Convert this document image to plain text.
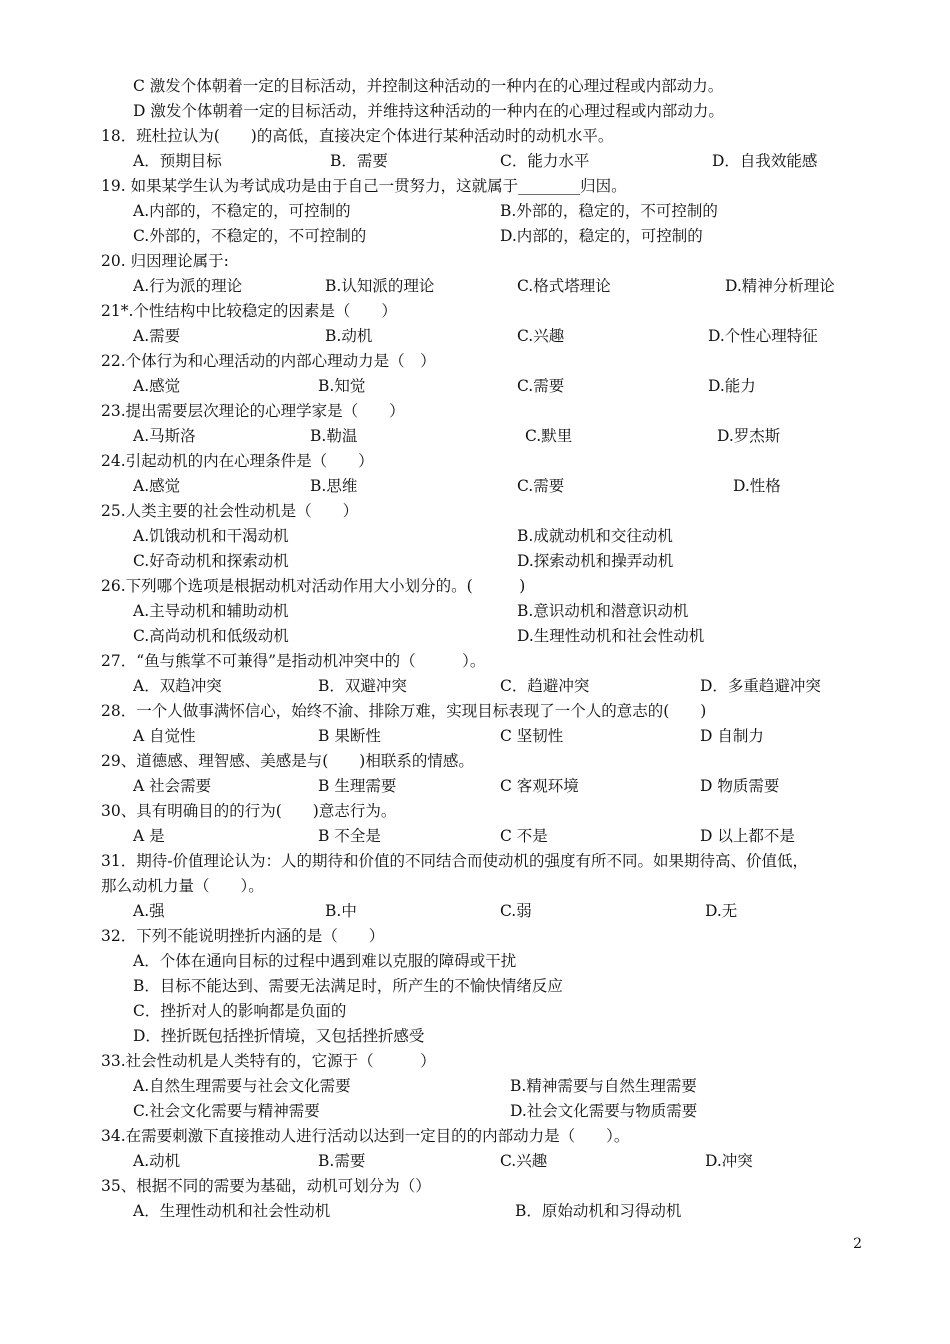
C 激发个体朝着一定的目标活动，并控制这种活动的一种内在的心理过程或内部动力。
D 激发个体朝着一定的目标活动，并维持这种活动的一种内在的心理过程或内部动力。
18．班杜拉认为(　　)的高低，直接决定个体进行某种活动时的动机水平。
A．预期目标	B．需要	C．能力水平	D．自我效能感
19. 如果某学生认为考试成功是由于自己一贯努力，这就属于________归因。
A.内部的，不稳定的，可控制的	B.外部的，稳定的，不可控制的
C.外部的，不稳定的，不可控制的	D.内部的，稳定的，可控制的
20. 归因理论属于:
A.行为派的理论	B.认知派的理论	C.格式塔理论	D.精神分析理论
21*.个性结构中比较稳定的因素是（　　）
A.需要	B.动机	C.兴趣	D.个性心理特征
22.个体行为和心理活动的内部心理动力是（　）
A.感觉	B.知觉	C.需要	D.能力
23.提出需要层次理论的心理学家是（　　）
A.马斯洛	B.勒温	C.默里	D.罗杰斯
24.引起动机的内在心理条件是（　　）
A.感觉	B.思维	C.需要	D.性格
25.人类主要的社会性动机是（　　）
A.饥饿动机和干渴动机	B.成就动机和交往动机
C.好奇动机和探索动机	D.探索动机和操弄动机
26.下列哪个选项是根据动机对活动作用大小划分的。(　　　)
A.主导动机和辅助动机	B.意识动机和潜意识动机
C.高尚动机和低级动机	D.生理性动机和社会性动机
27．“鱼与熊掌不可兼得”是指动机冲突中的（　　　）。
A．双趋冲突	B．双避冲突	C．趋避冲突	D．多重趋避冲突
28．一个人做事满怀信心，始终不渝、排除万难，实现目标表现了一个人的意志的(　　)
A 自觉性	B 果断性	C 坚韧性	D 自制力
29、道德感、理智感、美感是与(　　)相联系的情感。
A 社会需要	B 生理需要	C 客观环境	D 物质需要
30、具有明确目的的行为(　　)意志行为。
A 是	B 不全是	C 不是	D 以上都不是
31．期待-价值理论认为：人的期待和价值的不同结合而使动机的强度有所不同。如果期待高、价值低，
那么动机力量（　　）。
A.强	B.中	C.弱	D.无
32．下列不能说明挫折内涵的是（　　）
A．个体在通向目标的过程中遇到难以克服的障碍或干扰
B．目标不能达到、需要无法满足时，所产生的不愉快情绪反应
C．挫折对人的影响都是负面的
D．挫折既包括挫折情境，又包括挫折感受
33.社会性动机是人类特有的，它源于（　　　）
A.自然生理需要与社会文化需要	B.精神需要与自然生理需要
C.社会文化需要与精神需要	D.社会文化需要与物质需要
34.在需要刺激下直接推动人进行活动以达到一定目的的内部动力是（　　）。
A.动机	B.需要	C.兴趣	D.冲突
35、根据不同的需要为基础，动机可划分为（）
A．生理性动机和社会性动机	B．原始动机和习得动机
2
